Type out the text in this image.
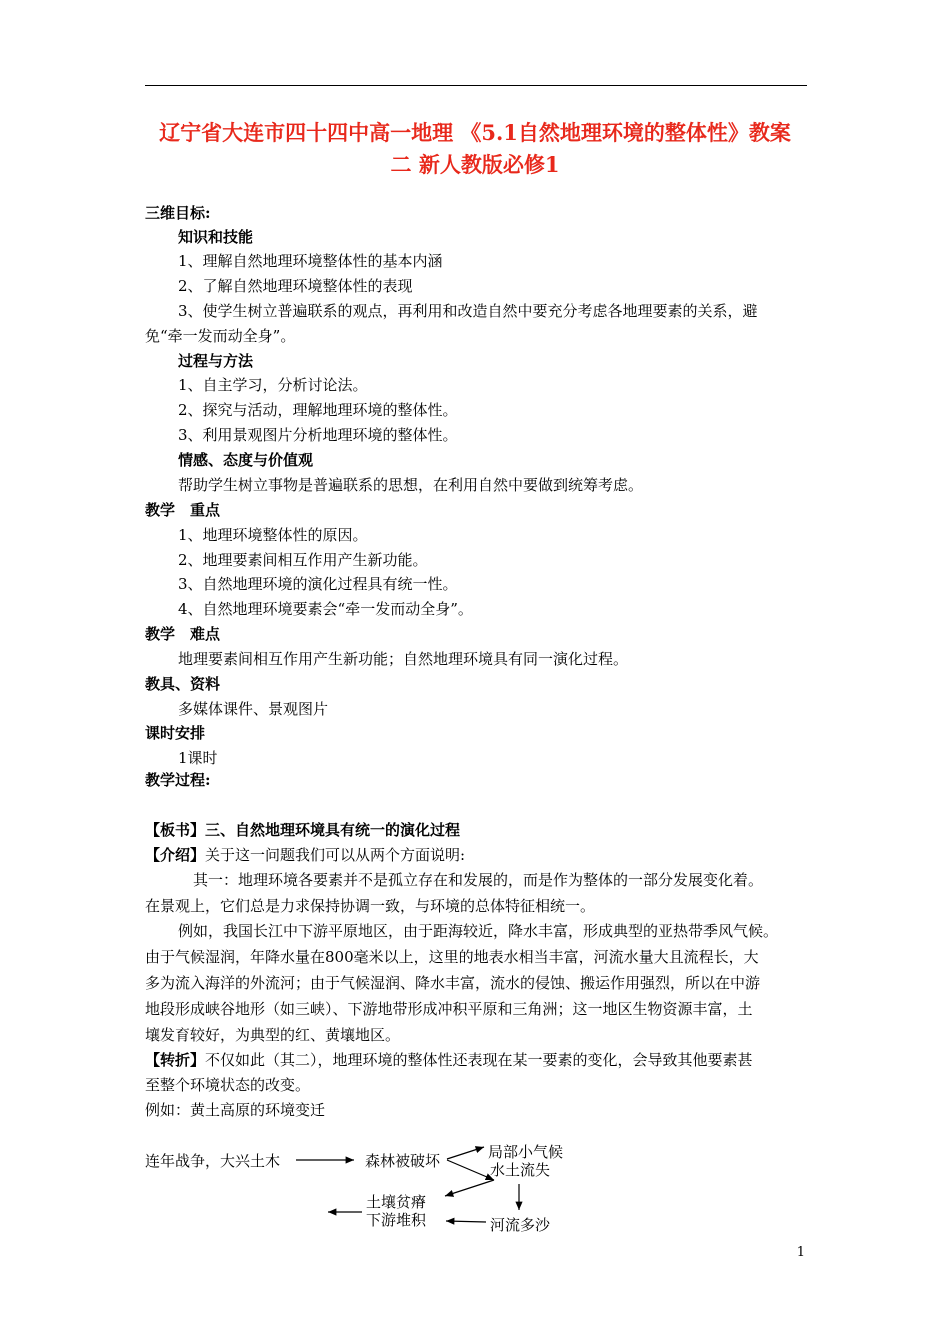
辽宁省大连市四十四中高一地理 《5.1自然地理环境的整体性》教案
二 新人教版必修1
三维目标:
知识和技能
1、理解自然地理环境整体性的基本内涵
2、了解自然地理环境整体性的表现
3、使学生树立普遍联系的观点，再利用和改造自然中要充分考虑各地理要素的关系，避
免“牵一发而动全身”。
过程与方法
1、自主学习，分析讨论法。
2、探究与活动，理解地理环境的整体性。
3、利用景观图片分析地理环境的整体性。
情感、态度与价值观
帮助学生树立事物是普遍联系的思想，在利用自然中要做到统筹考虑。
教学　重点
1、地理环境整体性的原因。
2、地理要素间相互作用产生新功能。
3、自然地理环境的演化过程具有统一性。
4、自然地理环境要素会“牵一发而动全身”。
教学　难点
地理要素间相互作用产生新功能；自然地理环境具有同一演化过程。
教具、资料
多媒体课件、景观图片
课时安排
1课时
教学过程:
【板书】三、自然地理环境具有统一的演化过程
【介绍】关于这一问题我们可以从两个方面说明:
其一：地理环境各要素并不是孤立存在和发展的，而是作为整体的一部分发展变化着。
在景观上，它们总是力求保持协调一致，与环境的总体特征相统一。
例如，我国长江中下游平原地区，由于距海较近，降水丰富，形成典型的亚热带季风气候。
由于气候湿润，年降水量在800毫米以上，这里的地表水相当丰富，河流水量大且流程长，大
多为流入海洋的外流河；由于气候湿润、降水丰富，流水的侵蚀、搬运作用强烈，所以在中游
地段形成峡谷地形（如三峡）、下游地带形成冲积平原和三角洲；这一地区生物资源丰富，土
壤发育较好，为典型的红、黄壤地区。
【转折】不仅如此（其二），地理环境的整体性还表现在某一要素的变化，会导致其他要素甚
至整个环境状态的改变。
例如：黄土高原的环境变迁
连年战争，大兴土木	森林被破坏	局部小气候
水土流失
土壤贫瘠
下游堆积	河流多沙
1
